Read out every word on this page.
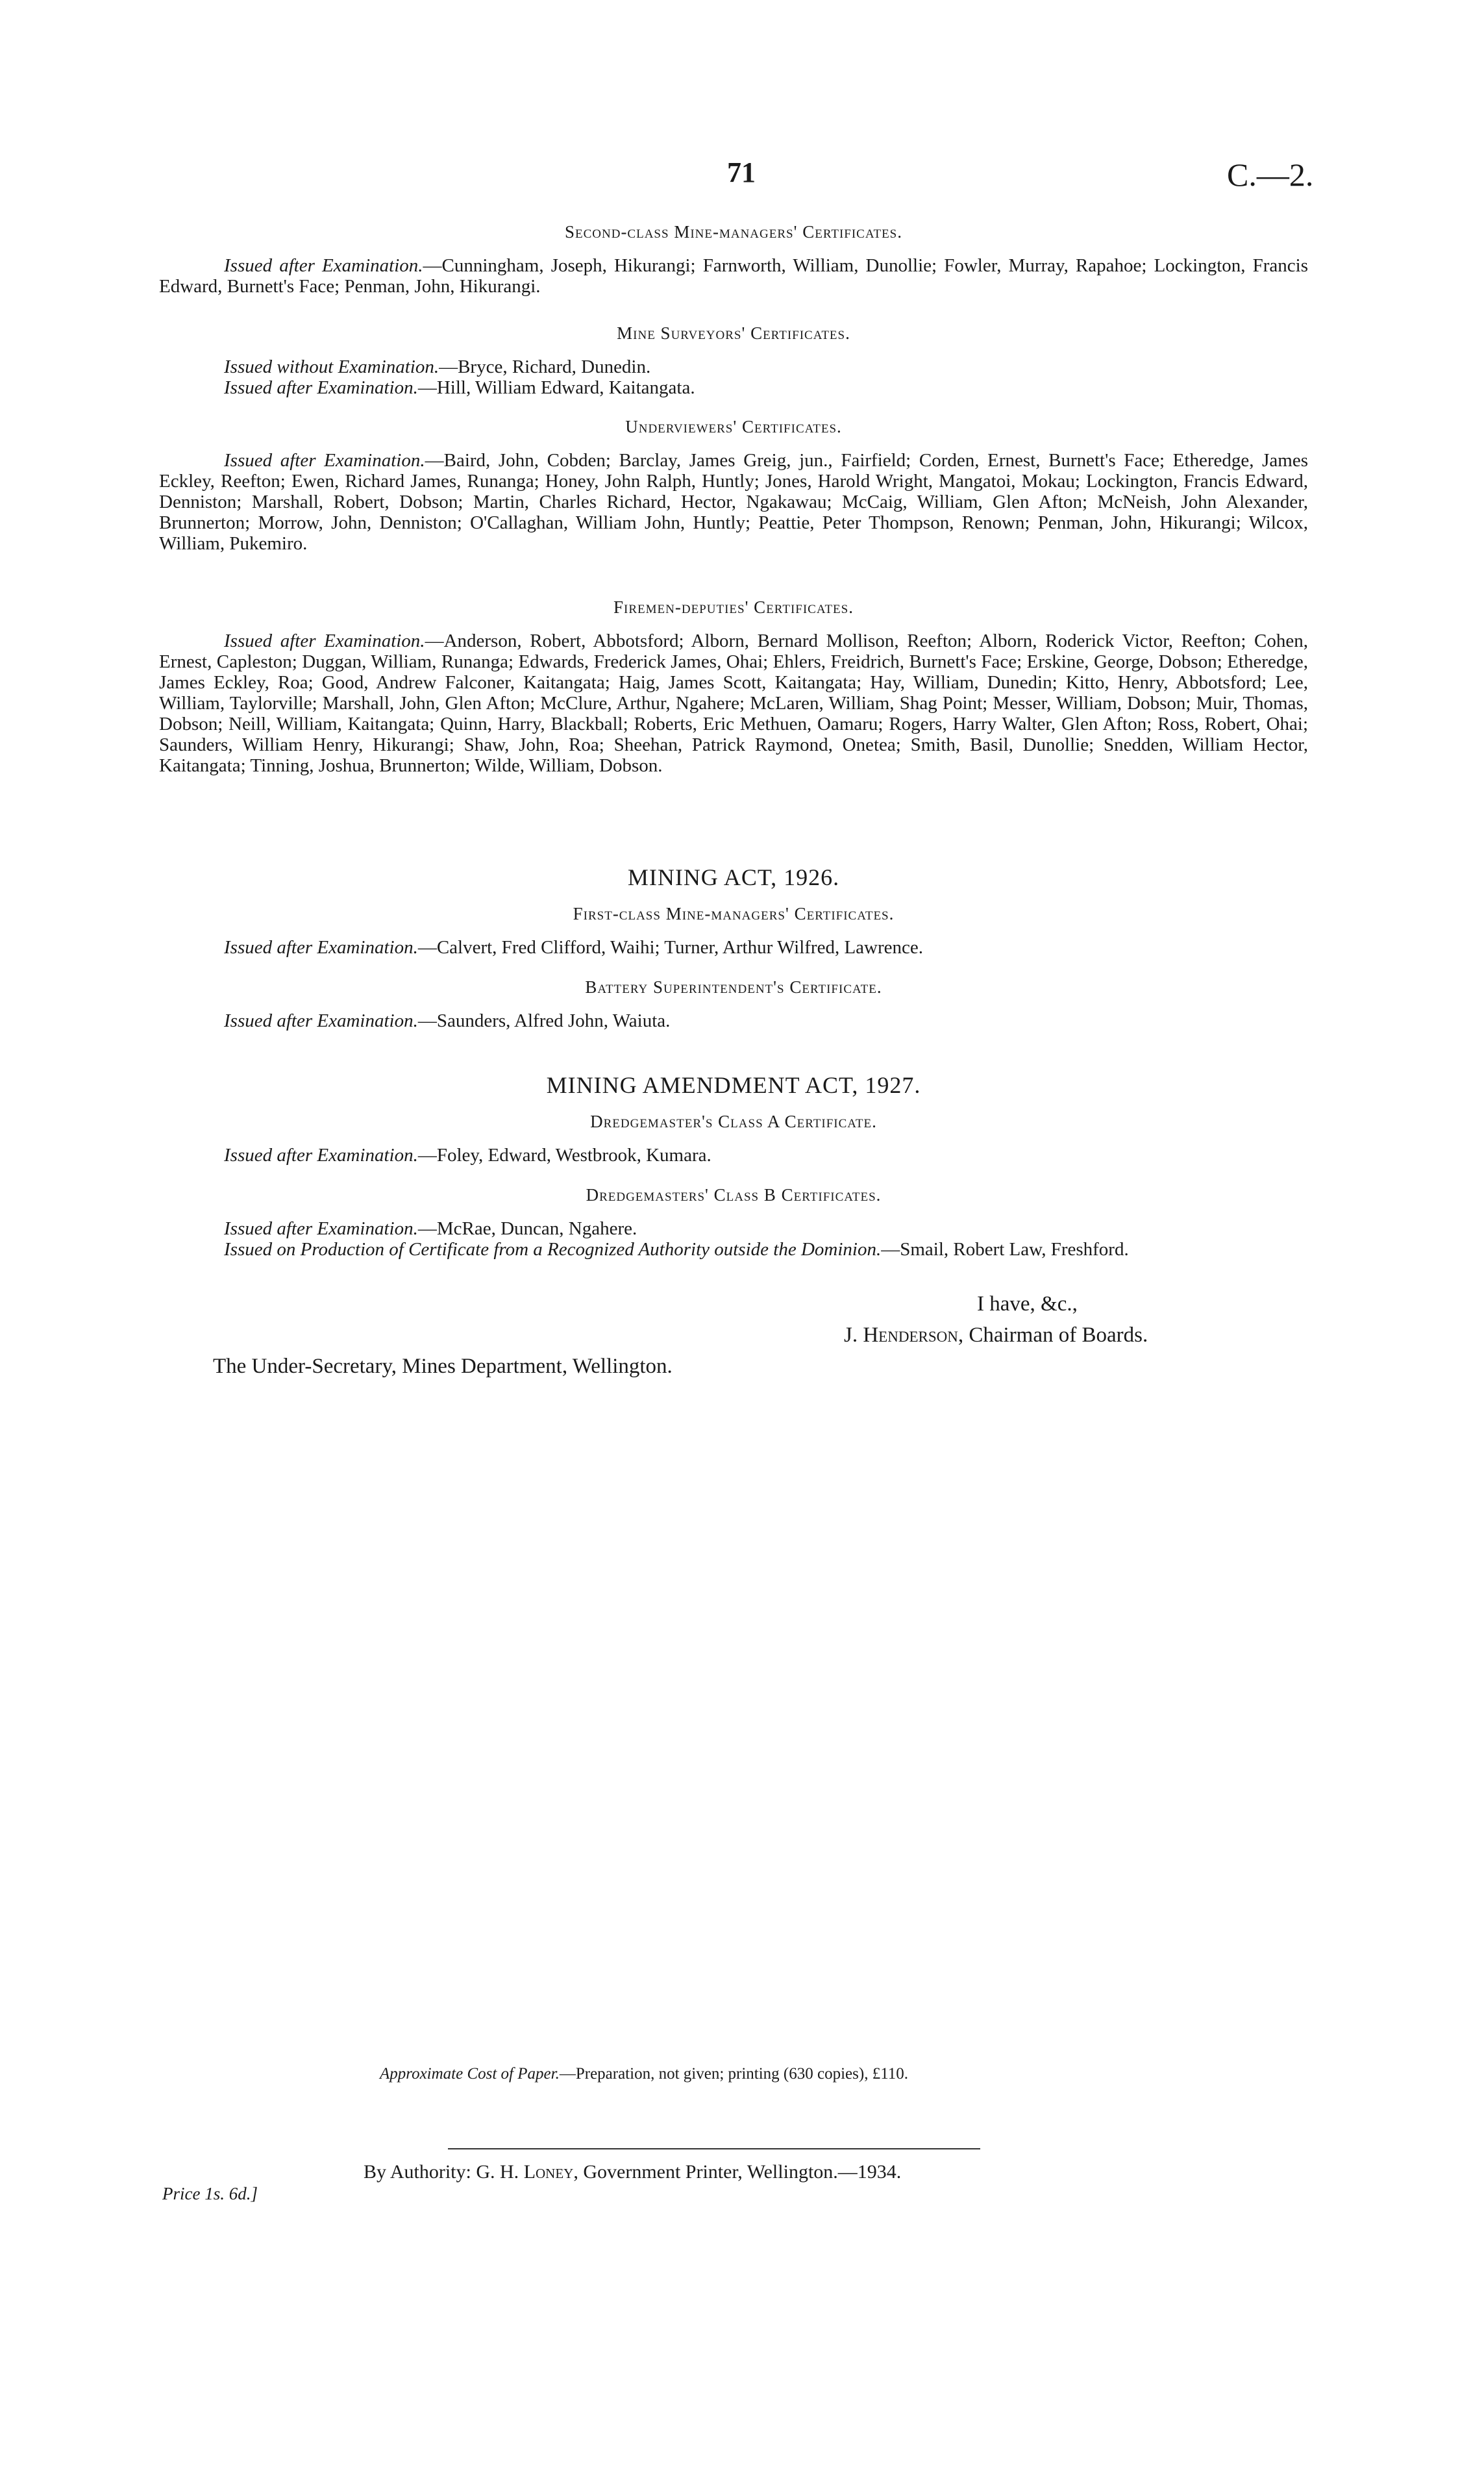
71	C.—2.
Second-class Mine-managers' Certificates.

Issued after Examination.—Cunningham, Joseph, Hikurangi; Farnworth, William, Dunollie; Fowler, Murray, Rapahoe; Lockington, Francis Edward, Burnett's Face; Penman, John, Hikurangi.

Mine Surveyors' Certificates.

Issued without Examination.—Bryce, Richard, Dunedin.

Issued after Examination.—Hill, William Edward, Kaitangata.

Underviewers' Certificates.

Issued after Examination.—Baird, John, Cobden; Barclay, James Greig, jun., Fairfield; Corden, Ernest, Burnett's Face; Etheredge, James Eckley, Reefton; Ewen, Richard James, Runanga; Honey, John Ralph, Huntly; Jones, Harold Wright, Mangatoi, Mokau; Lockington, Francis Edward, Denniston; Marshall, Robert, Dobson; Martin, Charles Richard, Hector, Ngakawau; McCaig, William, Glen Afton; McNeish, John Alexander, Brunnerton; Morrow, John, Denniston; O'Callaghan, William John, Huntly; Peattie, Peter Thompson, Renown; Penman, John, Hikurangi; Wilcox, William, Pukemiro.

Firemen-deputies' Certificates.

Issued after Examination.—Anderson, Robert, Abbotsford; Alborn, Bernard Mollison, Reefton; Alborn, Roderick Victor, Reefton; Cohen, Ernest, Capleston; Duggan, William, Runanga; Edwards, Frederick James, Ohai; Ehlers, Freidrich, Burnett's Face; Erskine, George, Dobson; Etheredge, James Eckley, Roa; Good, Andrew Falconer, Kaitangata; Haig, James Scott, Kaitangata; Hay, William, Dunedin; Kitto, Henry, Abbotsford; Lee, William, Taylorville; Marshall, John, Glen Afton; McClure, Arthur, Ngahere; McLaren, William, Shag Point; Messer, William, Dobson; Muir, Thomas, Dobson; Neill, William, Kaitangata; Quinn, Harry, Blackball; Roberts, Eric Methuen, Oamaru; Rogers, Harry Walter, Glen Afton; Ross, Robert, Ohai; Saunders, William Henry, Hikurangi; Shaw, John, Roa; Sheehan, Patrick Raymond, Onetea; Smith, Basil, Dunollie; Snedden, William Hector, Kaitangata; Tinning, Joshua, Brunnerton; Wilde, William, Dobson.

MINING ACT, 1926.
First-class Mine-managers' Certificates.

Issued after Examination.—Calvert, Fred Clifford, Waihi; Turner, Arthur Wilfred, Lawrence.

Battery Superintendent's Certificate.

Issued after Examination.—Saunders, Alfred John, Waiuta.

MINING AMENDMENT ACT, 1927.
Dredgemaster's Class A Certificate.

Issued after Examination.—Foley, Edward, Westbrook, Kumara.

Dredgemasters' Class B Certificates.

Issued after Examination.—McRae, Duncan, Ngahere.

Issued on Production of Certificate from a Recognized Authority outside the Dominion.—Smail, Robert Law, Freshford.

I have, &c.,
J. Henderson, Chairman of Boards.
The Under-Secretary, Mines Department, Wellington.
Approximate Cost of Paper.—Preparation, not given; printing (630 copies), £110.
By Authority: G. H. Loney, Government Printer, Wellington.—1934.
Price 1s. 6d.]
